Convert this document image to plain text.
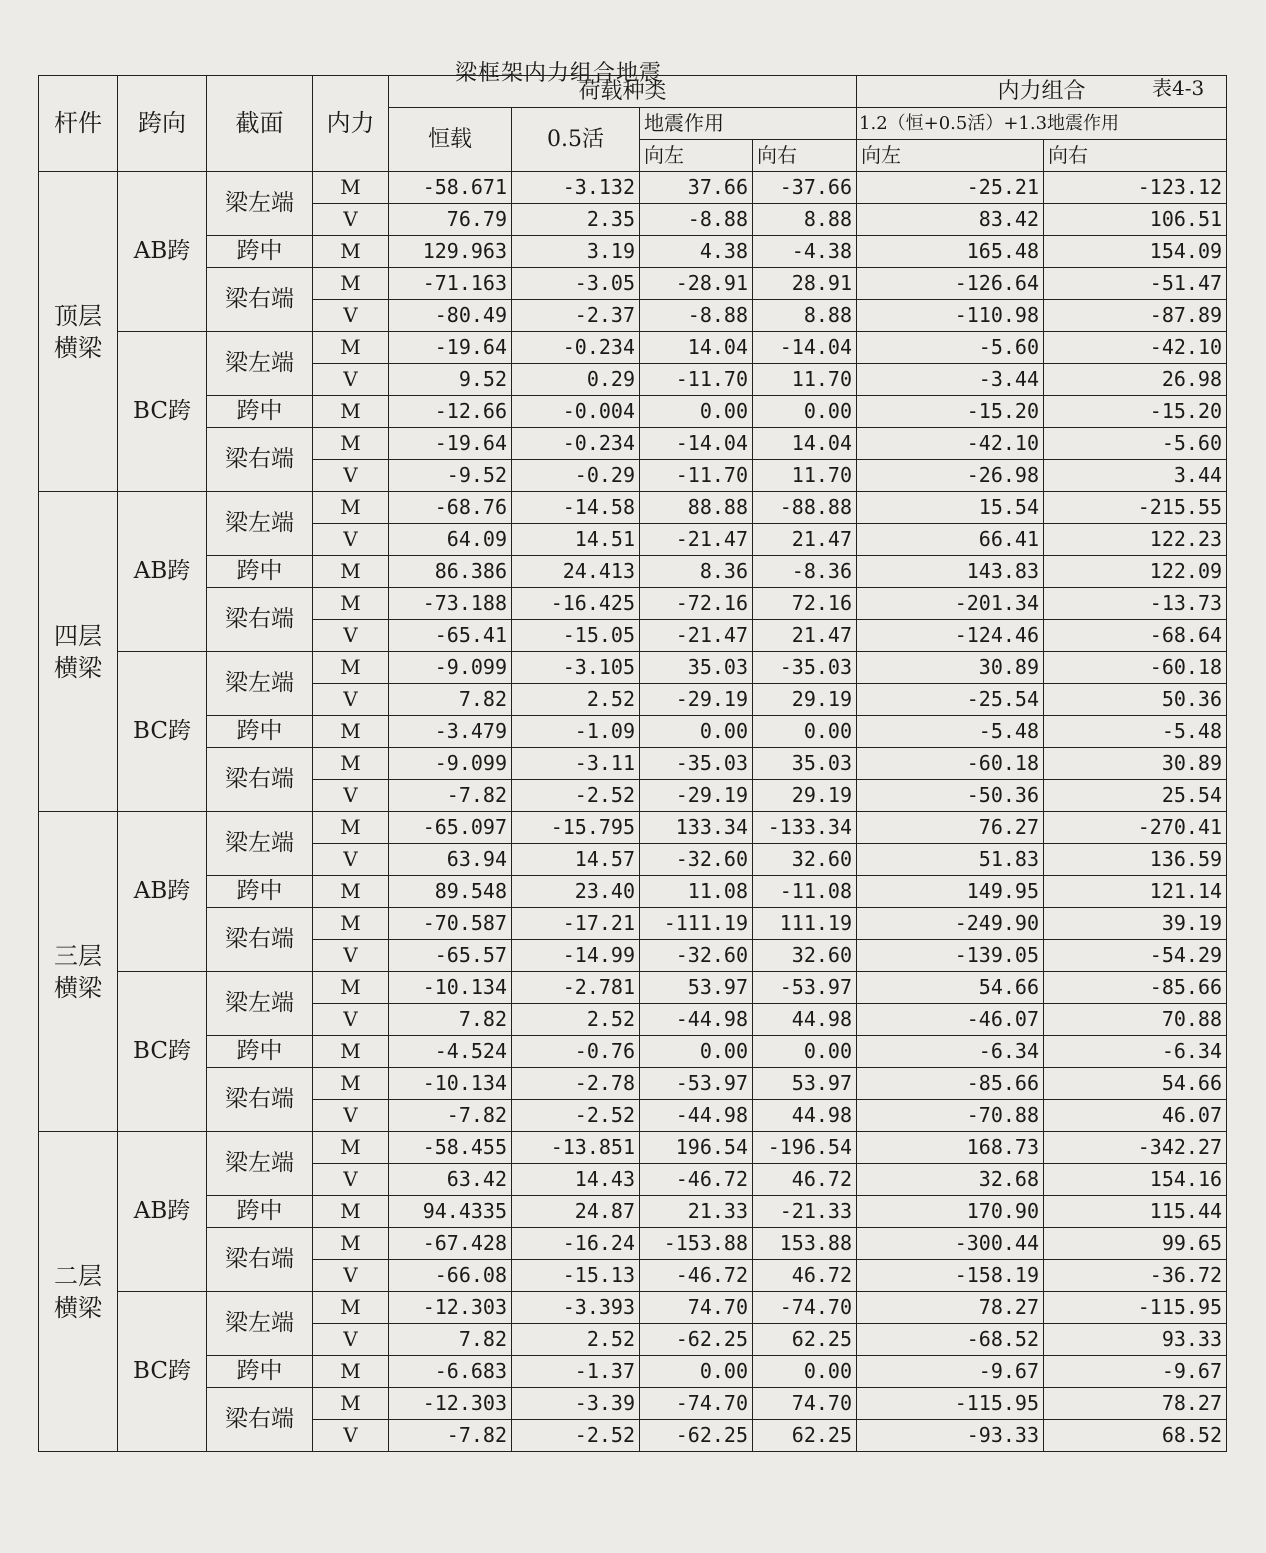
梁框架内力组合地震
表4-3
杆件	跨向	截面	内力	荷载种类				内力组合	
				恒载	0.5活	地震作用		1.2（恒+0.5活）+1.3地震作用	
						向左	向右	向左	向右
顶层
横梁	AB跨	梁左端	M	-58.671	-3.132	37.66	-37.66	-25.21	-123.12
			V	76.79	2.35	-8.88	8.88	83.42	106.51
		跨中	M	129.963	3.19	4.38	-4.38	165.48	154.09
		梁右端	M	-71.163	-3.05	-28.91	28.91	-126.64	-51.47
			V	-80.49	-2.37	-8.88	8.88	-110.98	-87.89
	BC跨	梁左端	M	-19.64	-0.234	14.04	-14.04	-5.60	-42.10
			V	9.52	0.29	-11.70	11.70	-3.44	26.98
		跨中	M	-12.66	-0.004	0.00	0.00	-15.20	-15.20
		梁右端	M	-19.64	-0.234	-14.04	14.04	-42.10	-5.60
			V	-9.52	-0.29	-11.70	11.70	-26.98	3.44
四层
横梁	AB跨	梁左端	M	-68.76	-14.58	88.88	-88.88	15.54	-215.55
			V	64.09	14.51	-21.47	21.47	66.41	122.23
		跨中	M	86.386	24.413	8.36	-8.36	143.83	122.09
		梁右端	M	-73.188	-16.425	-72.16	72.16	-201.34	-13.73
			V	-65.41	-15.05	-21.47	21.47	-124.46	-68.64
	BC跨	梁左端	M	-9.099	-3.105	35.03	-35.03	30.89	-60.18
			V	7.82	2.52	-29.19	29.19	-25.54	50.36
		跨中	M	-3.479	-1.09	0.00	0.00	-5.48	-5.48
		梁右端	M	-9.099	-3.11	-35.03	35.03	-60.18	30.89
			V	-7.82	-2.52	-29.19	29.19	-50.36	25.54
三层
横梁	AB跨	梁左端	M	-65.097	-15.795	133.34	-133.34	76.27	-270.41
			V	63.94	14.57	-32.60	32.60	51.83	136.59
		跨中	M	89.548	23.40	11.08	-11.08	149.95	121.14
		梁右端	M	-70.587	-17.21	-111.19	111.19	-249.90	39.19
			V	-65.57	-14.99	-32.60	32.60	-139.05	-54.29
	BC跨	梁左端	M	-10.134	-2.781	53.97	-53.97	54.66	-85.66
			V	7.82	2.52	-44.98	44.98	-46.07	70.88
		跨中	M	-4.524	-0.76	0.00	0.00	-6.34	-6.34
		梁右端	M	-10.134	-2.78	-53.97	53.97	-85.66	54.66
			V	-7.82	-2.52	-44.98	44.98	-70.88	46.07
二层
横梁	AB跨	梁左端	M	-58.455	-13.851	196.54	-196.54	168.73	-342.27
			V	63.42	14.43	-46.72	46.72	32.68	154.16
		跨中	M	94.4335	24.87	21.33	-21.33	170.90	115.44
		梁右端	M	-67.428	-16.24	-153.88	153.88	-300.44	99.65
			V	-66.08	-15.13	-46.72	46.72	-158.19	-36.72
	BC跨	梁左端	M	-12.303	-3.393	74.70	-74.70	78.27	-115.95
			V	7.82	2.52	-62.25	62.25	-68.52	93.33
		跨中	M	-6.683	-1.37	0.00	0.00	-9.67	-9.67
		梁右端	M	-12.303	-3.39	-74.70	74.70	-115.95	78.27
			V	-7.82	-2.52	-62.25	62.25	-93.33	68.52
